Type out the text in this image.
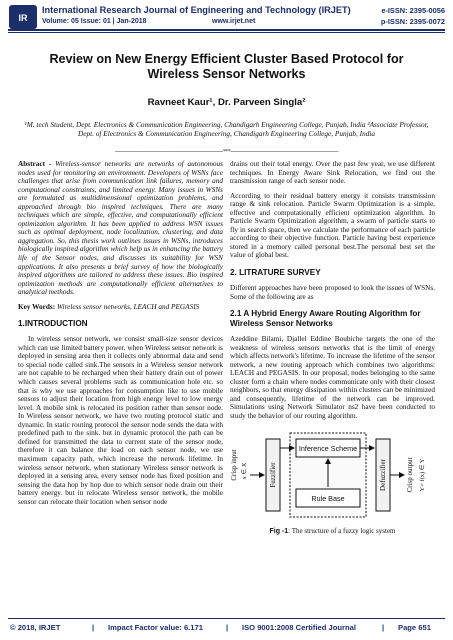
IR
International Research Journal of Engineering and Technology (IRJET)	e-ISSN: 2395-0056
p-ISSN: 2395-0072
Volume: 05 Issue: 01 | Jan-2018	www.irjet.net
Review on New Energy Efficient Cluster Based Protocol for Wireless Sensor Networks
Ravneet Kaur¹, Dr. Parveen Singla²
¹M. tech Student, Dept. Electronics & Communication Engineering, Chandigarh Engineering College, Punjab, India ²Associate Professor, Dept. of Electronics & Communication Engineering, Chandigarh Engineering College, Punjab, India
------------------------------------------------------------------------***------------------------------------------------------------------------

Abstract - Wireless-sensor networks are networks of autonomous nodes used for monitoring an environment. Developers of WSNs face challenges that arise from communication link failures, memory and computational constraints, and limited energy. Many issues in WSNs are formulated as multidimensional optimization problems, and approached through bio inspired techniques. There are many techniques which are simple, effective, and computationally efficient optimization algorithm. It has been applied to address WSN issues such as optimal deployment, node localization, clustering, and data aggregation. So, this thesis work outlines issues in WSNs, introduces biologically inspired algorithm which help us in enhancing the battery life of the Sensor nodes, and discusses its suitability for WSN applications. It also presents a brief survey of how the biologically inspired algorithms are tailored to address these issues. Bio inspired optimization methods are computationally efficient alternatives to analytical methods.

Key Words: Wireless sensor networks, LEACH and PEGASIS

1.INTRODUCTION

In wireless sensor network, we consist small-size sensor devices which can use limited battery power. when Wireless sensor network is deployed in sensing area then it collects only abnormal data and send to special node called sink.The sensors in a Wireless sensor network are not capable to be recharged when their battery drain out of power which causes several problems such as communication hole etc. so that is why we use approaches for consumption like to use mobile sensors to adjust their location from high energy level to low energy level. A mobile sink is relocated its position rather than sensor node. In Wireless sensor network, we have two routing protocol static and dynamic. In static routing protocol the sensor node sends the data with predefined path to the sink. but in dynamic protocol the path can be defined for transmitted the data to current state of the sensor node, therefore it can balance the load on each sensor node, we use maximum capacity path, which increase the network lifetime. In wireless sensor network, when stationary Wireless sensor network is deployed in a sensing area, every sensor node has fixed position and sensing the data hop by hop due to which sensor node drain out their battery energy. but in relocate Wireless sensor network, the mobile sensor can relocate their location when sensor node

drains out their total energy. Over the past few year, we use different techniques. In Energy Aware Sink Relocation, we find out the transmission range of each sensor node.

According to their residual battery energy it consists transmission range & sink relocation. Particle Swarm Optimization is a simple, effective and computationally efficient optimization algorithm. In Particle Swarm Optimization algorithm, a swarm of particle starts to fly in search space, then we calculate the performance of each particle according to their objective function. Particle having best experience stored in a memory called personal best.The personal best set the value of global best.

2. LITRATURE SURVEY

Different approaches have been proposed to look the issues of WSNs. Some of the following are as

2.1 A Hybrid Energy Aware Routing Algorithm for Wireless Sensor Networks

Azeddine Bilami, Djallel Eddine Boubiche targets the one of the weakness of wireless sensors networks that is the limit of energy which affects network's lifetime. To increase the lifetime of the sensor network, a new routing approach which combines two algorithms: LEACH and PEGASIS. In our proposal, nodes belonging to the same cluster form a chain where nodes communicate only with their closest neighbors, so that energy dissipation within clusters can be minimized and consequently, lifetime of the network can be improved. Simulations using Network Simulator ns2 have been conducted to study the behavior of our routing algorithm.

Crisp input x ∈ X	Fuzzifier
Inference Scheme
Rule Base
Defuzzifier	Crisp output Y= f(x) ∈ Y
Fig -1: The structure of a fuzzy logic system
© 2018, IRJET	| Impact Factor value: 6.171	| ISO 9001:2008 Certified Journal	| Page 651
